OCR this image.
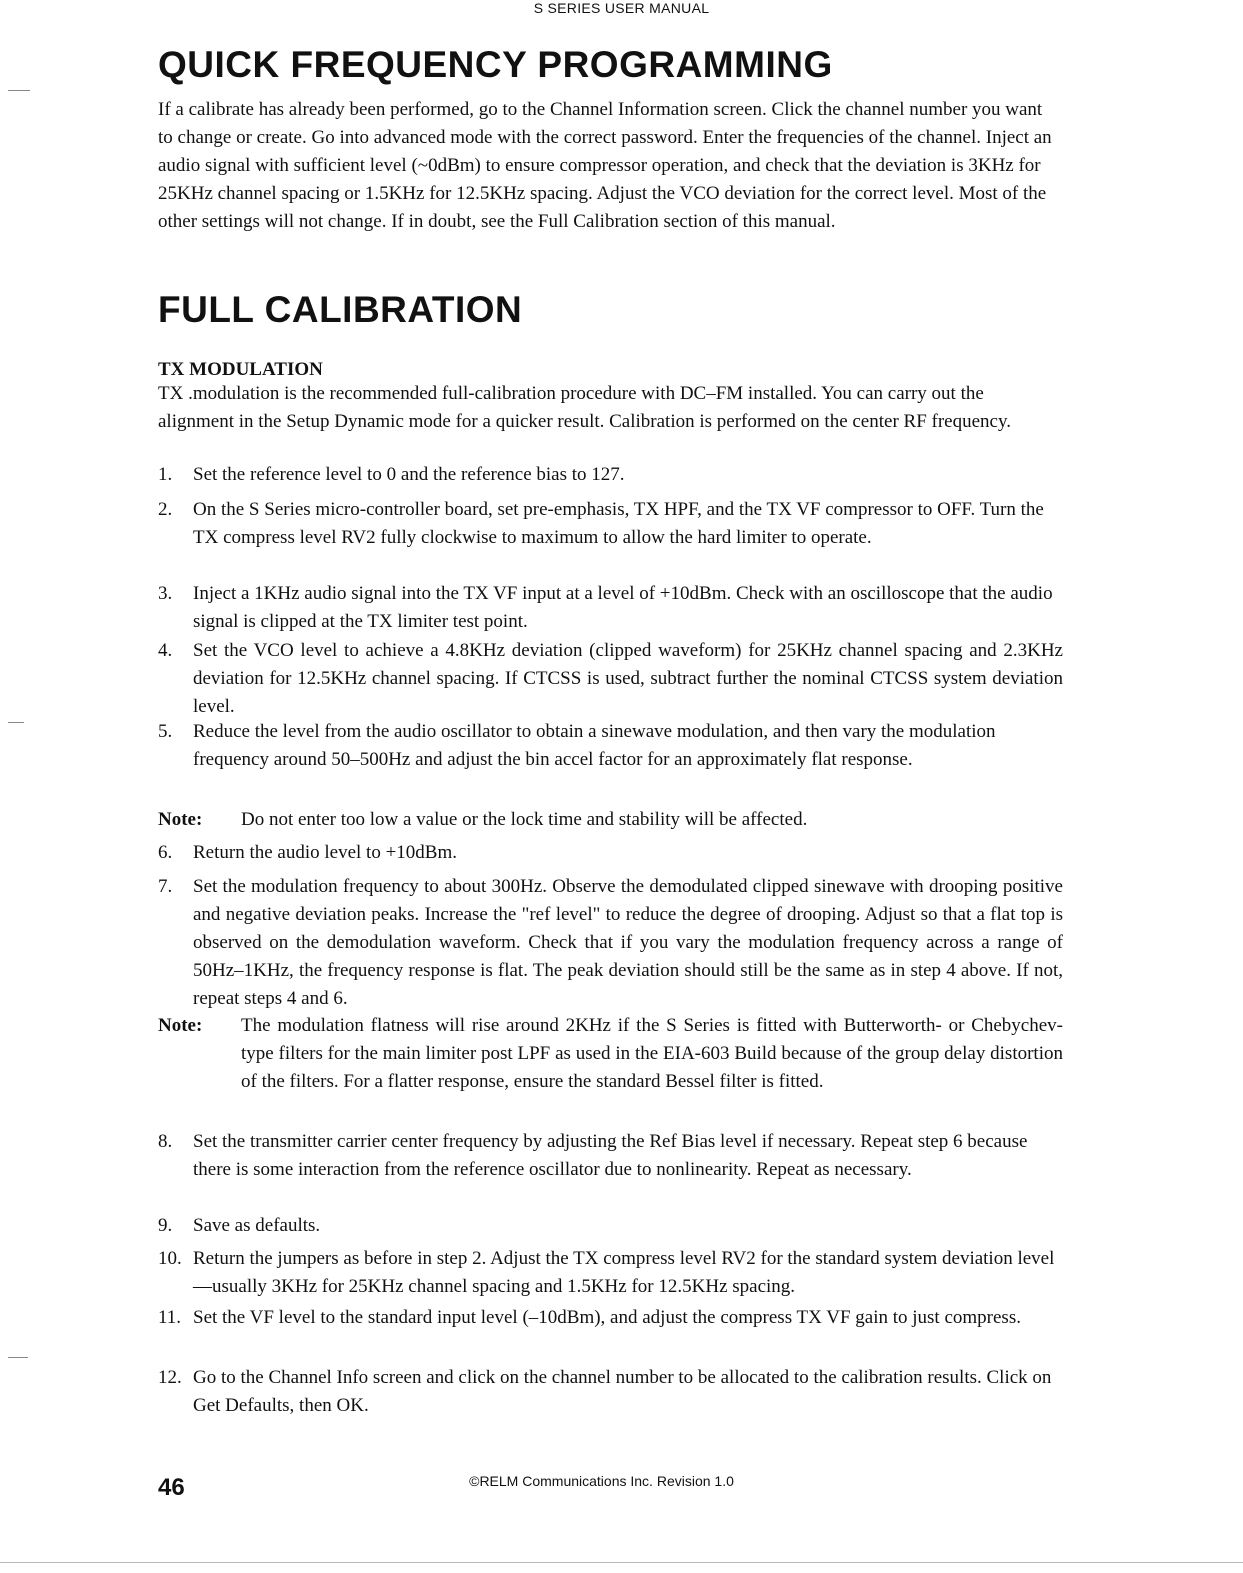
S SERIES USER MANUAL
QUICK FREQUENCY PROGRAMMING

If a calibrate has already been performed, go to the Channel Information screen. Click the channel number you want to change or create. Go into advanced mode with the correct password. Enter the frequencies of the channel. Inject an audio signal with sufficient level (~0dBm) to ensure compressor operation, and check that the deviation is 3KHz for 25KHz channel spacing or 1.5KHz for 12.5KHz spacing. Adjust the VCO deviation for the correct level. Most of the other settings will not change. If in doubt, see the Full Calibration section of this manual.

FULL CALIBRATION

TX MODULATION

TX .modulation is the recommended full-calibration procedure with DC–FM installed. You can carry out the alignment in the Setup Dynamic mode for a quicker result. Calibration is performed on the center RF frequency.

1. Set the reference level to 0 and the reference bias to 127.
2. On the S Series micro-controller board, set pre-emphasis, TX HPF, and the TX VF compressor to OFF. Turn the TX compress level RV2 fully clockwise to maximum to allow the hard limiter to operate.
3. Inject a 1KHz audio signal into the TX VF input at a level of +10dBm. Check with an oscilloscope that the audio signal is clipped at the TX limiter test point.
4. Set the VCO level to achieve a 4.8KHz deviation (clipped waveform) for 25KHz channel spacing and 2.3KHz deviation for 12.5KHz channel spacing. If CTCSS is used, subtract further the nominal CTCSS system deviation level.
5. Reduce the level from the audio oscillator to obtain a sinewave modulation, and then vary the modulation frequency around 50–500Hz and adjust the bin accel factor for an approximately flat response.
Note: Do not enter too low a value or the lock time and stability will be affected.
6. Return the audio level to +10dBm.
7. Set the modulation frequency to about 300Hz. Observe the demodulated clipped sinewave with drooping positive and negative deviation peaks. Increase the "ref level" to reduce the degree of drooping. Adjust so that a flat top is observed on the demodulation waveform. Check that if you vary the modulation frequency across a range of 50Hz–1KHz, the frequency response is flat. The peak deviation should still be the same as in step 4 above. If not, repeat steps 4 and 6.
Note: The modulation flatness will rise around 2KHz if the S Series is fitted with Butterworth- or Chebychev-type filters for the main limiter post LPF as used in the EIA-603 Build because of the group delay distortion of the filters. For a flatter response, ensure the standard Bessel filter is fitted.
8. Set the transmitter carrier center frequency by adjusting the Ref Bias level if necessary. Repeat step 6 because there is some interaction from the reference oscillator due to nonlinearity. Repeat as necessary.
9. Save as defaults.
10. Return the jumpers as before in step 2. Adjust the TX compress level RV2 for the standard system deviation level—usually 3KHz for 25KHz channel spacing and 1.5KHz for 12.5KHz spacing.
11. Set the VF level to the standard input level (–10dBm), and adjust the compress TX VF gain to just compress.
12. Go to the Channel Info screen and click on the channel number to be allocated to the calibration results. Click on Get Defaults, then OK.
46	©RELM Communications Inc. Revision 1.0
